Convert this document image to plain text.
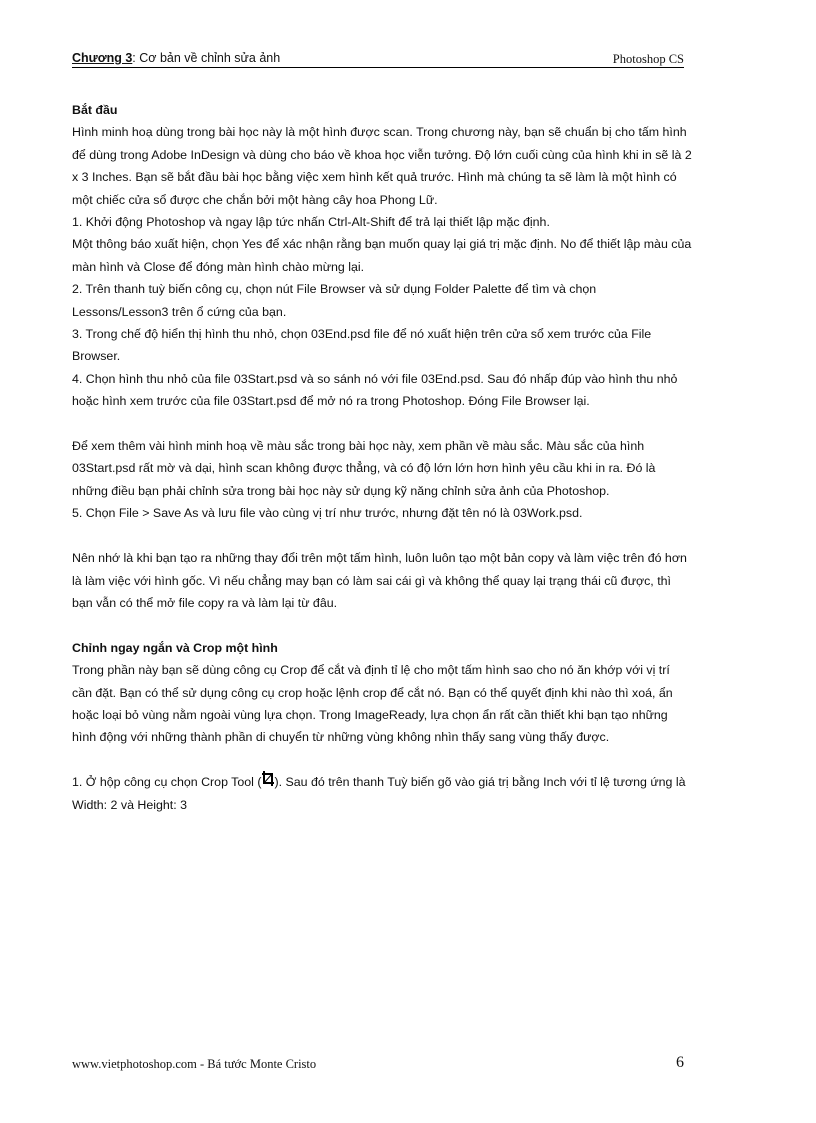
Chương 3: Cơ bản về chỉnh sửa ảnh	Photoshop CS

Bắt đầu

Hình minh hoạ dùng trong bài học này là một hình được scan. Trong chương này, bạn sẽ chuẩn bị cho tấm hình để dùng trong Adobe InDesign và dùng cho báo về khoa học viễn tưởng. Độ lớn cuối cùng của hình khi in sẽ là 2 x 3 Inches. Bạn sẽ bắt đầu bài học bằng việc xem hình kết quả trước. Hình mà chúng ta sẽ làm là một hình có một chiếc cửa sổ được che chắn bởi một hàng cây hoa Phong Lữ.

1. Khởi động Photoshop và ngay lập tức nhấn Ctrl-Alt-Shift để trả lại thiết lập mặc định.

Một thông báo xuất hiện, chọn Yes để xác nhận rằng bạn muốn quay lại giá trị mặc định. No để thiết lập màu của màn hình và Close để đóng màn hình chào mừng lại.

2. Trên thanh tuỳ biến công cụ, chọn nút File Browser và sử dụng Folder Palette để tìm và chọn Lessons/Lesson3 trên ổ cứng của bạn.

3. Trong chế độ hiển thị hình thu nhỏ, chọn 03End.psd file để nó xuất hiện trên cửa sổ xem trước của File Browser.

4. Chọn hình thu nhỏ của file 03Start.psd và so sánh nó với file 03End.psd. Sau đó nhấp đúp vào hình thu nhỏ hoặc hình xem trước của file 03Start.psd để mở nó ra trong Photoshop. Đóng File Browser lại.

Để xem thêm vài hình minh hoạ về màu sắc trong bài học này, xem phần về màu sắc. Màu sắc của hình 03Start.psd rất mờ và dại, hình scan không được thẳng, và có độ lớn lớn hơn hình yêu cầu khi in ra. Đó là những điều bạn phải chỉnh sửa trong bài học này sử dụng kỹ năng chỉnh sửa ảnh của Photoshop.

5. Chọn File > Save As và lưu file vào cùng vị trí như trước, nhưng đặt tên nó là 03Work.psd.

Nên nhớ là khi bạn tạo ra những thay đổi trên một tấm hình, luôn luôn tạo một bản copy và làm việc trên đó hơn là làm việc với hình gốc. Vì nếu chẳng may bạn có làm sai cái gì và không thể quay lại trạng thái cũ được, thì bạn vẫn có thể mở file copy ra và làm lại từ đâu.

Chỉnh ngay ngắn và Crop một hình

Trong phần này bạn sẽ dùng công cụ Crop để cắt và định tỉ lệ cho một tấm hình sao cho nó ăn khớp với vị trí cần đặt. Bạn có thể sử dụng công cụ crop hoặc lệnh crop để cắt nó. Bạn có thể quyết định khi nào thì xoá, ẩn hoặc loại bỏ vùng nằm ngoài vùng lựa chọn. Trong ImageReady, lựa chọn ẩn rất cần thiết khi bạn tạo những hình động với những thành phần di chuyển từ những vùng không nhìn thấy sang vùng thấy được.

1. Ở hộp công cụ chọn Crop Tool ( ). Sau đó trên thanh Tuỳ biến gõ vào giá trị bằng Inch với tỉ lệ tương ứng là Width: 2 và Height: 3

www.vietphotoshop.com - Bá tước Monte Cristo	6
